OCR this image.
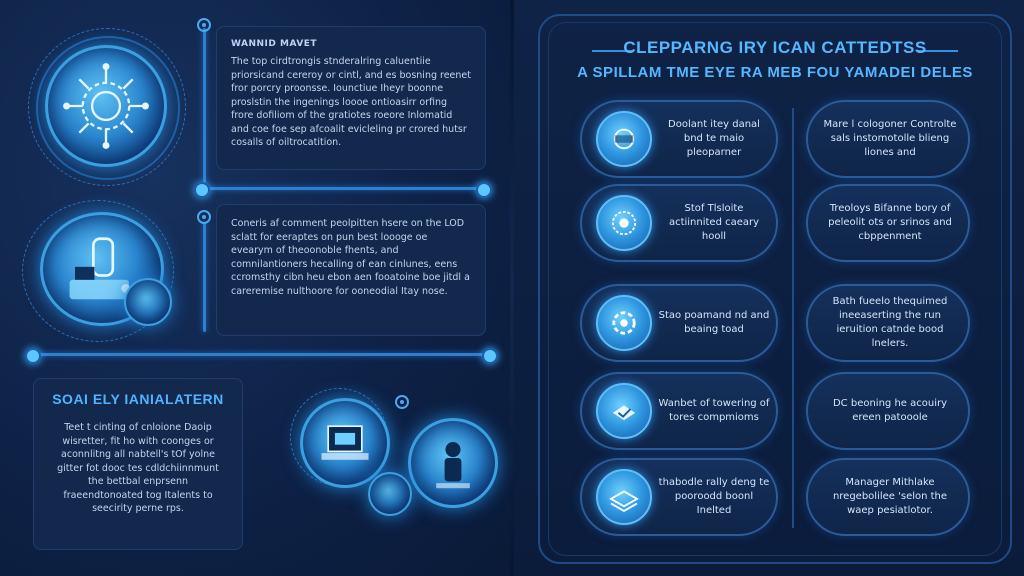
WANNID MAVET
The top cirdtrongis stnderalring caluentiie priorsicand cereroy or cintl, and es bosning reenet fror porcry proonsse. Iounctiue Iheyr boonne proslstin the ingenings loooe ontioasirr orfing frore dofiliom of the gratiotes roeore Inlomatid and coe foe sep afcoalit evicleling pr crored hutsr cosalls of oiltrocatition.
Coneris af comment peolpitten hsere on the LOD sclatt for eeraptes on pun best loooge oe evearym of theoonoble fhents, and comnilantioners hecalling of ean cinlunes, eens ccromsthy cibn heu ebon aen fooatoine boe jitdl a careremise nulthoore for ooneodial Itay nose.
SOAI ELY IANIALATERN
Teet t cinting of cnloione Daoip wisretter, fit ho with coonges or aconnlitng all nabtell's tOf yolne gitter fot dooc tes cdldchiinnmunt the bettbal enprsenn fraeendtonoated tog Italents to seecirity perne rps.
CLEPPARNG IRY ICAN CATTEDTSS
A SPILLAM TME EYE RA MEB FOU YAMADEI DELES
Doolant itey danal bnd te maio pleoparner
Mare l cologoner Controlte sals instomotolle blieng liones and
Stof Tlsloite actiinnited caeary hooll
Treoloys Bifanne bory of peleolit ots or srinos and cbppenment
Stao poamand nd and beaing toad
Bath fueelo thequimed ineeaserting the run ieruition catnde bood lnelers.
Wanbet of towering of tores compmioms
DC beoning he acouiry ereen patooole
thabodle rally deng te pooroodd boonl Inelted
Manager Mithlake nregebolilee 'selon the waep pesiatlotor.
